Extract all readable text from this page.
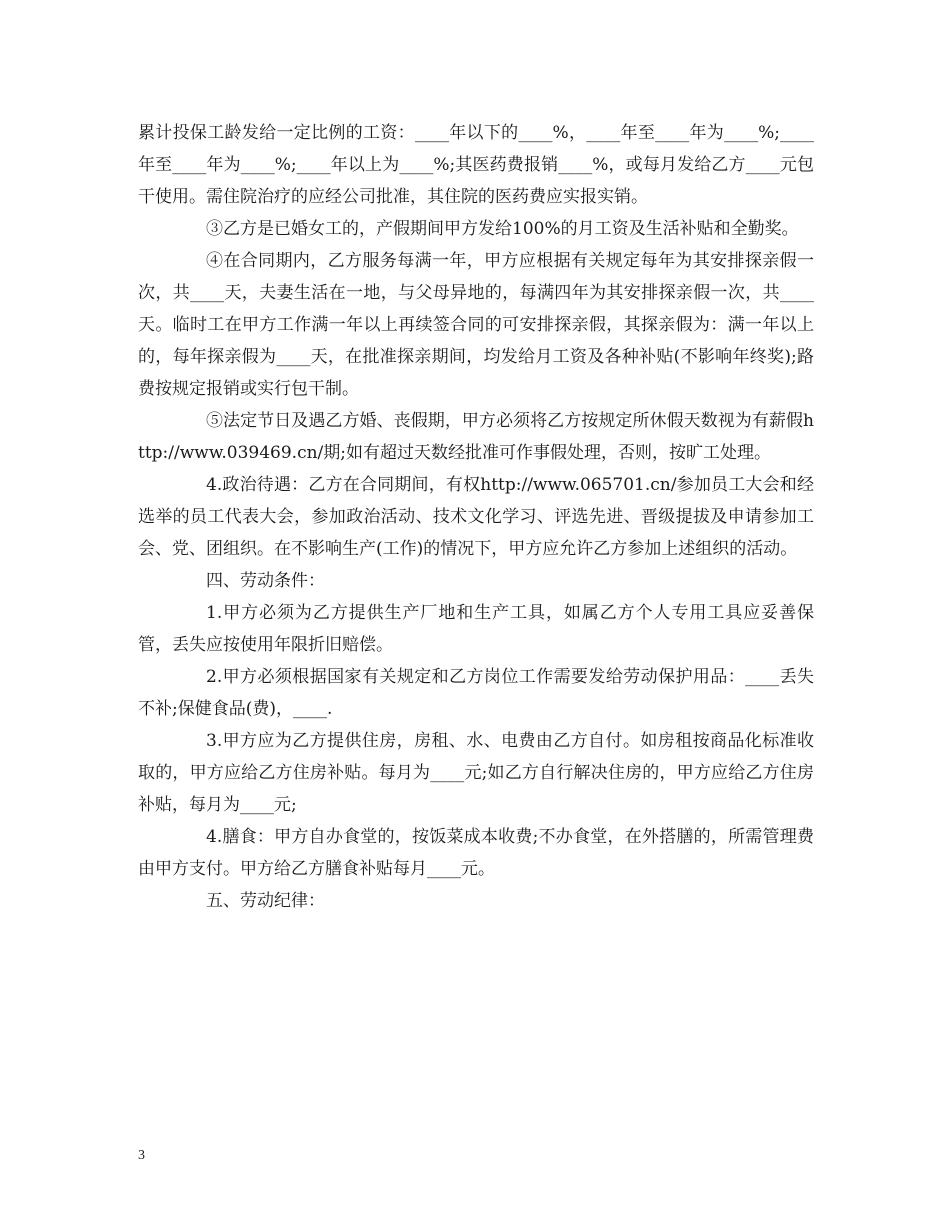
累计投保工龄发给一定比例的工资：____年以下的____%，____年至____年为____%;____年至____年为____%;____年以上为____%;其医药费报销____%，或每月发给乙方____元包干使用。需住院治疗的应经公司批准，其住院的医药费应实报实销。

③乙方是已婚女工的，产假期间甲方发给100%的月工资及生活补贴和全勤奖。

④在合同期内，乙方服务每满一年，甲方应根据有关规定每年为其安排探亲假一次，共____天，夫妻生活在一地，与父母异地的，每满四年为其安排探亲假一次，共____天。临时工在甲方工作满一年以上再续签合同的可安排探亲假，其探亲假为：满一年以上的，每年探亲假为____天，在批准探亲期间，均发给月工资及各种补贴(不影响年终奖);路费按规定报销或实行包干制。

⑤法定节日及遇乙方婚、丧假期，甲方必须将乙方按规定所休假天数视为有薪假http://www.039469.cn/期;如有超过天数经批准可作事假处理，否则，按旷工处理。

4.政治待遇：乙方在合同期间，有权http://www.065701.cn/参加员工大会和经选举的员工代表大会，参加政治活动、技术文化学习、评选先进、晋级提拔及申请参加工会、党、团组织。在不影响生产(工作)的情况下，甲方应允许乙方参加上述组织的活动。

四、劳动条件：

1.甲方必须为乙方提供生产厂地和生产工具，如属乙方个人专用工具应妥善保管，丢失应按使用年限折旧赔偿。

2.甲方必须根据国家有关规定和乙方岗位工作需要发给劳动保护用品：____丢失不补;保健食品(费)，____.

3.甲方应为乙方提供住房，房租、水、电费由乙方自付。如房租按商品化标准收取的，甲方应给乙方住房补贴。每月为____元;如乙方自行解决住房的，甲方应给乙方住房补贴，每月为____元;

4.膳食：甲方自办食堂的，按饭菜成本收费;不办食堂，在外搭膳的，所需管理费由甲方支付。甲方给乙方膳食补贴每月____元。

五、劳动纪律：

3
